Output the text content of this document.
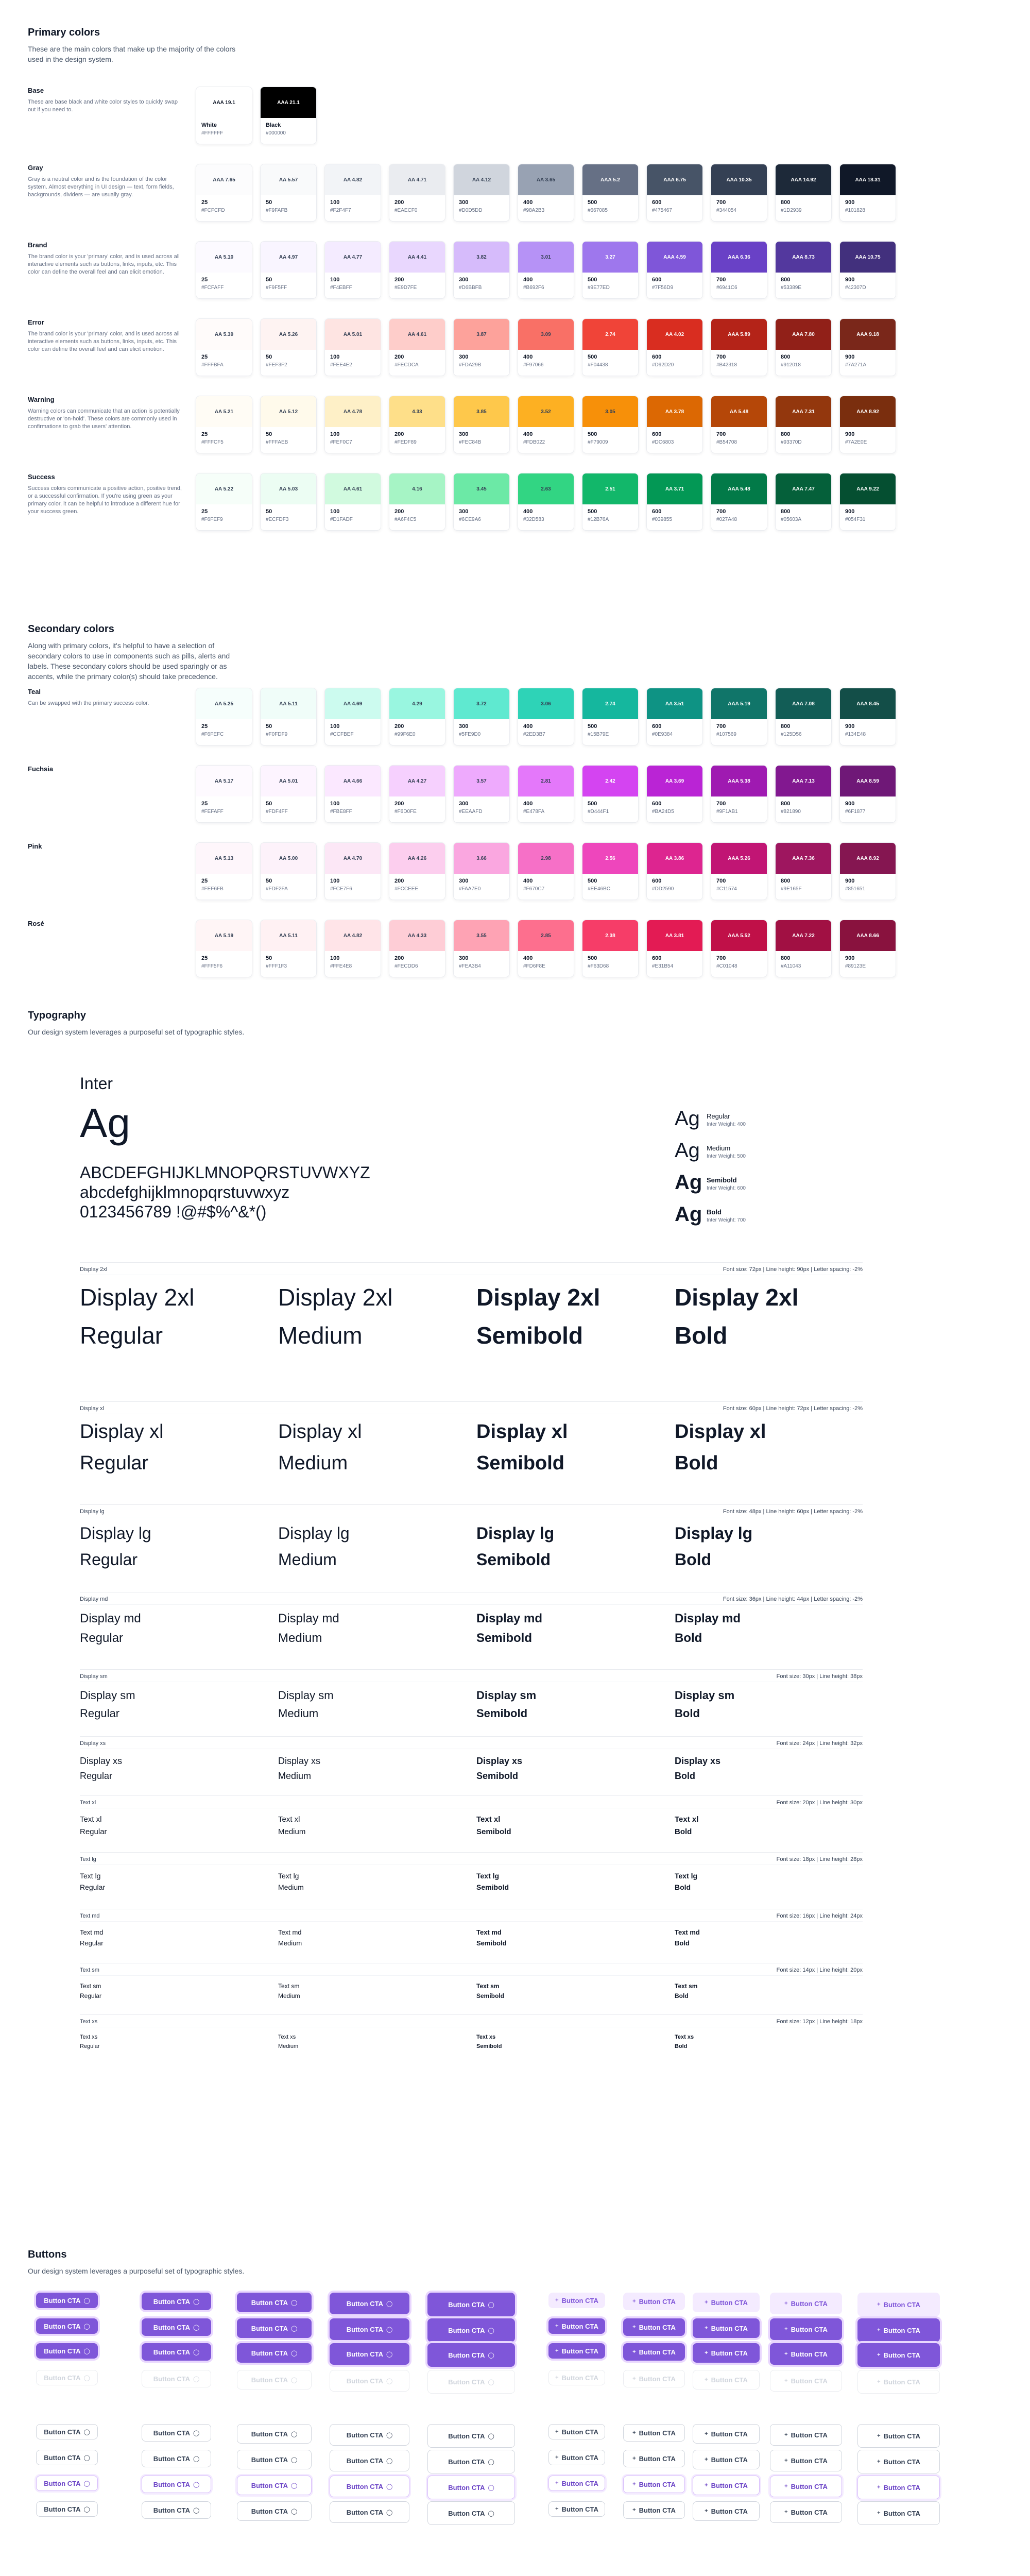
Primary colors
These are the main colors that make up the majority of the colors used in the design system.
Base
These are base black and white color styles to quickly swap out if you need to.
AAA 19.1
White
#FFFFFF
AAA 21.1
Black
#000000
Gray
Gray is a neutral color and is the foundation of the color system. Almost everything in UI design — text, form fields, backgrounds, dividers — are usually gray.
AAA 7.65
25
#FCFCFD
AA 5.57
50
#F9FAFB
AA 4.82
100
#F2F4F7
AA 4.71
200
#EAECF0
AA 4.12
300
#D0D5DD
AA 3.65
400
#98A2B3
AAA 5.2
500
#667085
AAA 6.75
600
#475467
AAA 10.35
700
#344054
AAA 14.92
800
#1D2939
AAA 18.31
900
#101828
Brand
The brand color is your 'primary' color, and is used across all interactive elements such as buttons, links, inputs, etc. This color can define the overall feel and can elicit emotion.
AA 5.10
25
#FCFAFF
AA 4.97
50
#F9F5FF
AA 4.77
100
#F4EBFF
AA 4.41
200
#E9D7FE
3.82
300
#D6BBFB
3.01
400
#B692F6
3.27
500
#9E77ED
AAA 4.59
600
#7F56D9
AAA 6.36
700
#6941C6
AAA 8.73
800
#53389E
AAA 10.75
900
#42307D
Error
The brand color is your 'primary' color, and is used across all interactive elements such as buttons, links, inputs, etc. This color can define the overall feel and can elicit emotion.
AA 5.39
25
#FFFBFA
AA 5.26
50
#FEF3F2
AA 5.01
100
#FEE4E2
AA 4.61
200
#FECDCA
3.87
300
#FDA29B
3.09
400
#F97066
2.74
500
#F04438
AA 4.02
600
#D92D20
AAA 5.89
700
#B42318
AAA 7.80
800
#912018
AAA 9.18
900
#7A271A
Warning
Warning colors can communicate that an action is potentially destructive or 'on-hold'. These colors are commonly used in confirmations to grab the users' attention.
AA 5.21
25
#FFFCF5
AA 5.12
50
#FFFAEB
AA 4.78
100
#FEF0C7
4.33
200
#FEDF89
3.85
300
#FEC84B
3.52
400
#FDB022
3.05
500
#F79009
AA 3.78
600
#DC6803
AA 5.48
700
#B54708
AAA 7.31
800
#93370D
AAA 8.92
900
#7A2E0E
Success
Success colors communicate a positive action, positive trend, or a successful confirmation. If you're using green as your primary color, it can be helpful to introduce a different hue for your success green.
AA 5.22
25
#F6FEF9
AA 5.03
50
#ECFDF3
AA 4.61
100
#D1FADF
4.16
200
#A6F4C5
3.45
300
#6CE9A6
2.63
400
#32D583
2.51
500
#12B76A
AA 3.71
600
#039855
AAA 5.48
700
#027A48
AAA 7.47
800
#05603A
AAA 9.22
900
#054F31
Secondary colors
Along with primary colors, it's helpful to have a selection of secondary colors to use in components such as pills, alerts and labels. These secondary colors should be used sparingly or as accents, while the primary color(s) should take precedence.
Teal
Can be swapped with the primary success color.	AA 5.25
25
#F6FEFC
AA 5.11
50
#F0FDF9
AA 4.69
100
#CCFBEF
4.29
200
#99F6E0
3.72
300
#5FE9D0
3.06
400
#2ED3B7
2.74
500
#15B79E
AA 3.51
600
#0E9384
AAA 5.19
700
#107569
AAA 7.08
800
#125D56
AAA 8.45
900
#134E48
Fuchsia
AA 5.17
25
#FEFAFF
AA 5.01
50
#FDF4FF
AA 4.66
100
#FBE8FF
AA 4.27
200
#F6D0FE
3.57
300
#EEAAFD
2.81
400
#E478FA
2.42
500
#D444F1
AA 3.69
600
#BA24D5
AAA 5.38
700
#9F1AB1
AAA 7.13
800
#821890
AAA 8.59
900
#6F1877
Pink
AA 5.13
25
#FEF6FB
AA 5.00
50
#FDF2FA
AA 4.70
100
#FCE7F6
AA 4.26
200
#FCCEEE
3.66
300
#FAA7E0
2.98
400
#F670C7
2.56
500
#EE46BC
AA 3.86
600
#DD2590
AAA 5.26
700
#C11574
AAA 7.36
800
#9E165F
AAA 8.92
900
#851651
Rosé
AA 5.19
25
#FFF5F6
AA 5.11
50
#FFF1F3
AA 4.82
100
#FFE4E8
AA 4.33
200
#FECDD6
3.55
300
#FEA3B4
2.85
400
#FD6F8E
2.38
500
#F63D68
AA 3.81
600
#E31B54
AAA 5.52
700
#C01048
AAA 7.22
800
#A11043
AAA 8.66
900
#89123E
Typography
Our design system leverages a purposeful set of typographic styles.
Inter
Ag
ABCDEFGHIJKLMNOPQRSTUVWXYZ
abcdefghijklmnopqrstuvwxyz
0123456789 !@#$%^&*()
Ag Regular
Inter Weight: 400
Ag Medium
Inter Weight: 500
Ag Semibold
Inter Weight: 600
Ag Bold
Inter Weight: 700
Display 2xl	Font size: 72px | Line height: 90px | Letter spacing: -2%
Display 2xl
Regular
Display 2xl
Medium
Display 2xl
Semibold
Display 2xl
Bold
Display xl	Font size: 60px | Line height: 72px | Letter spacing: -2%
Display xl
Regular
Display xl
Medium
Display xl
Semibold
Display xl
Bold
Display lg	Font size: 48px | Line height: 60px | Letter spacing: -2%
Display lg
Regular
Display lg
Medium
Display lg
Semibold
Display lg
Bold
Display md	Font size: 36px | Line height: 44px | Letter spacing: -2%
Display md
Regular
Display md
Medium
Display md
Semibold
Display md
Bold
Display sm	Font size: 30px | Line height: 38px
Display sm
Regular
Display sm
Medium
Display sm
Semibold
Display sm
Bold
Display xs	Font size: 24px | Line height: 32px
Display xs
Regular
Display xs
Medium
Display xs
Semibold
Display xs
Bold
Text xl	Font size: 20px | Line height: 30px
Text xl
Regular
Text xl
Medium
Text xl
Semibold
Text xl
Bold
Text lg	Font size: 18px | Line height: 28px
Text lg
Regular
Text lg
Medium
Text lg
Semibold
Text lg
Bold
Text md	Font size: 16px | Line height: 24px
Text md
Regular
Text md
Medium
Text md
Semibold
Text md
Bold
Text sm	Font size: 14px | Line height: 20px
Text sm
Regular
Text sm
Medium
Text sm
Semibold
Text sm
Bold
Text xs	Font size: 12px | Line height: 18px
Text xs
Regular
Text xs
Medium
Text xs
Semibold
Text xs
Bold
Buttons
Our design system leverages a purposeful set of typographic styles.
Button CTA ◯	Button CTA ◯	Button CTA ◯	Button CTA ◯	Button CTA ◯
+ Button CTA	+ Button CTA	+ Button CTA	+ Button CTA	+ Button CTA
Button CTA ◯	Button CTA ◯	Button CTA ◯	Button CTA ◯	Button CTA ◯
+ Button CTA	+ Button CTA	+ Button CTA	+ Button CTA	+ Button CTA
Button CTA ◯	Button CTA ◯	Button CTA ◯	Button CTA ◯	Button CTA ◯
+ Button CTA	+ Button CTA	+ Button CTA	+ Button CTA	+ Button CTA
Button CTA ◯	Button CTA ◯	Button CTA ◯	Button CTA ◯	Button CTA ◯
+ Button CTA	+ Button CTA	+ Button CTA	+ Button CTA	+ Button CTA
Button CTA ◯	Button CTA ◯	Button CTA ◯	Button CTA ◯	Button CTA ◯
+ Button CTA	+ Button CTA	+ Button CTA	+ Button CTA	+ Button CTA
Button CTA ◯	Button CTA ◯	Button CTA ◯	Button CTA ◯	Button CTA ◯
+ Button CTA	+ Button CTA	+ Button CTA	+ Button CTA	+ Button CTA
Button CTA ◯	Button CTA ◯	Button CTA ◯	Button CTA ◯	Button CTA ◯
+ Button CTA	+ Button CTA	+ Button CTA	+ Button CTA	+ Button CTA
Button CTA ◯	Button CTA ◯	Button CTA ◯	Button CTA ◯	Button CTA ◯
+ Button CTA	+ Button CTA	+ Button CTA	+ Button CTA	+ Button CTA
